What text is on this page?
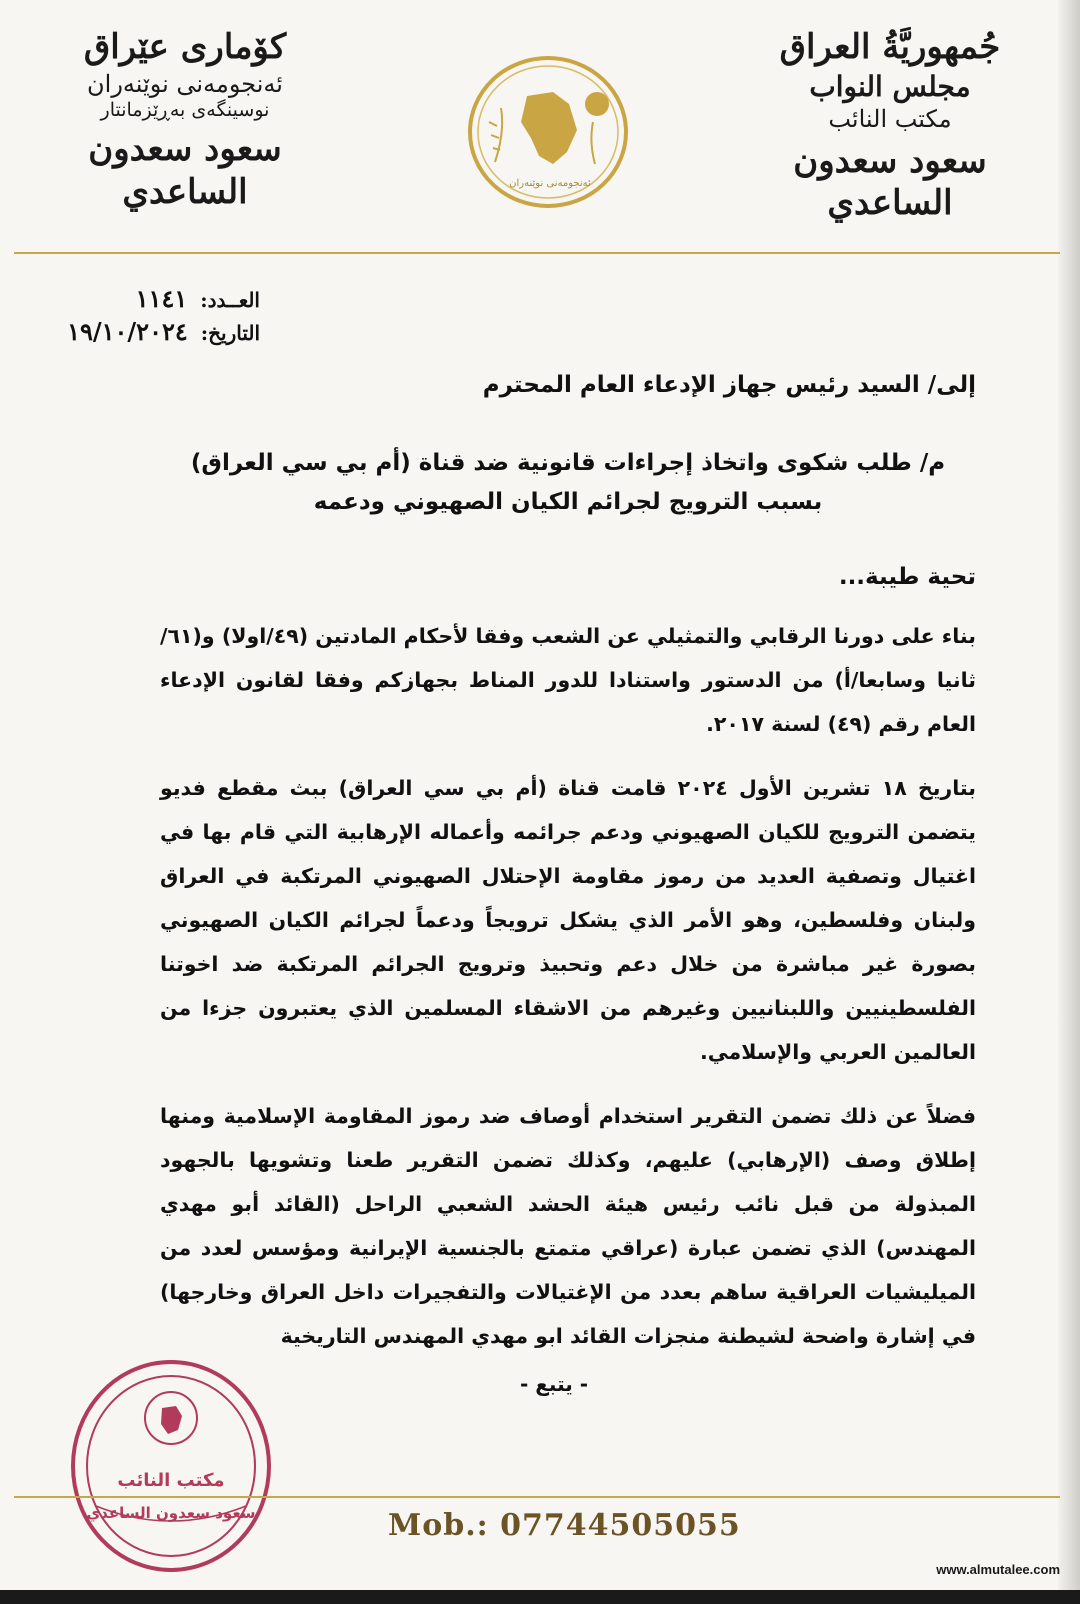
جُمهوريَّةُ العراق
مجلس النواب
مكتب النائب
سعود سعدون الساعدي
كۆماری عێراق
ئەنجومەنی نوێنەران
نوسینگەی بەڕێزمانتار
سعود سعدون الساعدي	ئەنجومەنی نوێنەران
العــدد: ١١٤١
التاريخ: ١٩/١٠/٢٠٢٤
إلى/ السيد رئيس جهاز الإدعاء العام المحترم
م/ طلب شكوى واتخاذ إجراءات قانونية ضد قناة (أم بي سي العراق)
بسبب الترويج لجرائم الكيان الصهيوني ودعمه
تحية طيبة...

بناء على دورنا الرقابي والتمثيلي عن الشعب وفقا لأحكام المادتين (٤٩/اولا) و(٦١/ثانيا وسابعا/أ) من الدستور واستنادا للدور المناط بجهازكم وفقا لقانون الإدعاء العام رقم (٤٩) لسنة ٢٠١٧.

بتاريخ ١٨ تشرين الأول ٢٠٢٤ قامت قناة (أم بي سي العراق) ببث مقطع فديو يتضمن الترويج للكيان الصهيوني ودعم جرائمه وأعماله الإرهابية التي قام بها في اغتيال وتصفية العديد من رموز مقاومة الإحتلال الصهيوني المرتكبة في العراق ولبنان وفلسطين، وهو الأمر الذي يشكل ترويجاً ودعماً لجرائم الكيان الصهيوني بصورة غير مباشرة من خلال دعم وتحبيذ وترويج الجرائم المرتكبة ضد اخوتنا الفلسطينيين واللبنانيين وغيرهم من الاشقاء المسلمين الذي يعتبرون جزءا من العالمين العربي والإسلامي.

فضلاً عن ذلك تضمن التقرير استخدام أوصاف ضد رموز المقاومة الإسلامية ومنها إطلاق وصف (الإرهابي) عليهم، وكذلك تضمن التقرير طعنا وتشويها بالجهود المبذولة من قبل نائب رئيس هيئة الحشد الشعبي الراحل (القائد أبو مهدي المهندس) الذي تضمن عبارة (عراقي متمتع بالجنسية الإيرانية ومؤسس لعدد من الميليشيات العراقية ساهم بعدد من الإغتيالات والتفجيرات داخل العراق وخارجها) في إشارة واضحة لشيطنة منجزات القائد ابو مهدي المهندس التاريخية

- يتبع -
مكتب النائب
سعود سعدون الساعدي	Mob.: 07744505055
www.almutalee.com
